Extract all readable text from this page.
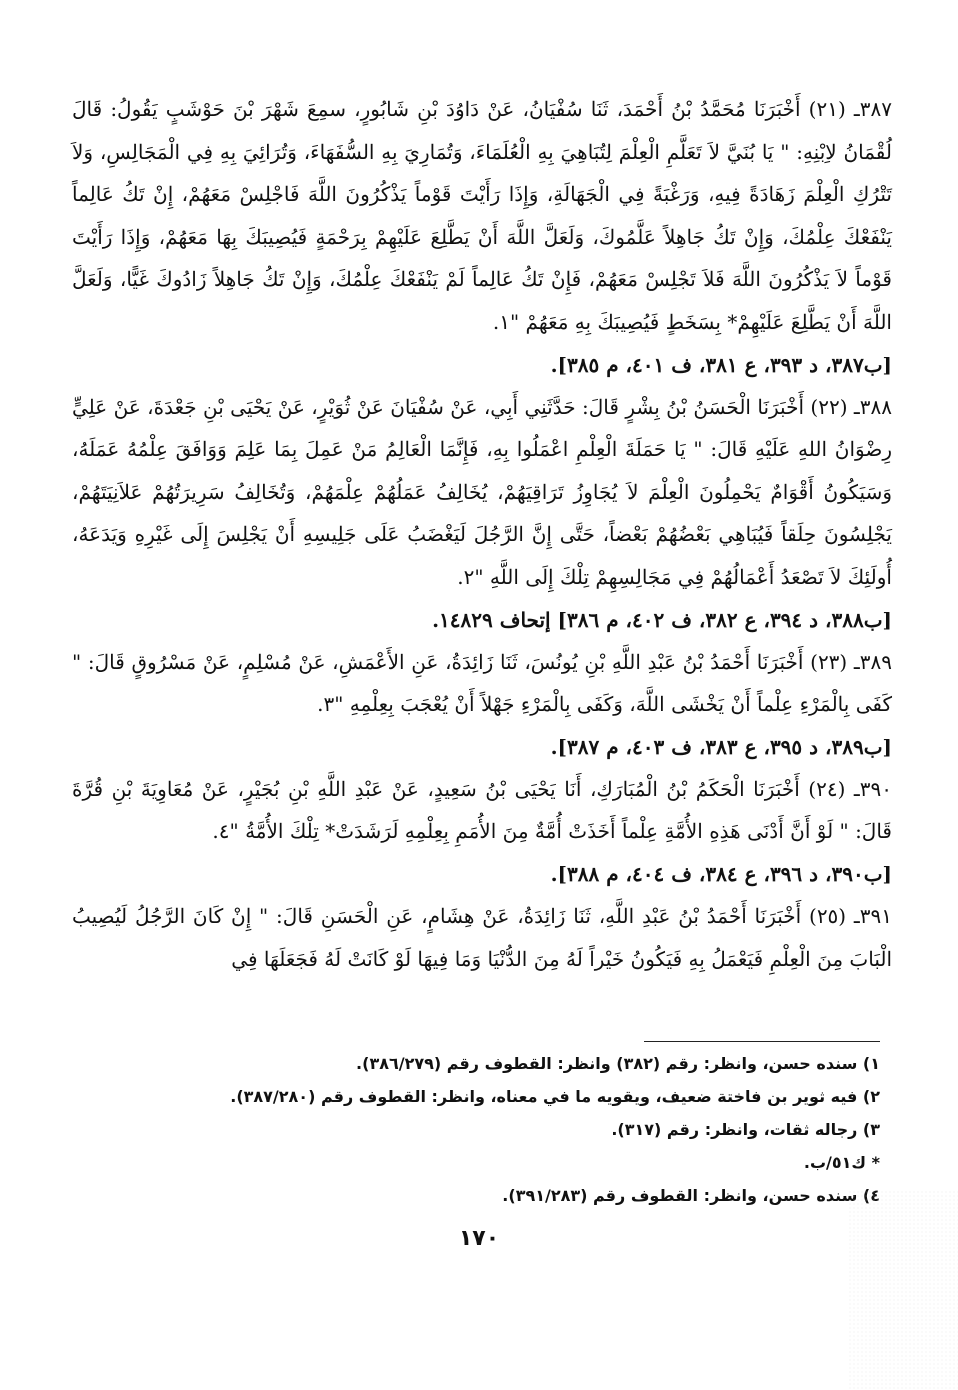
٣٨٧ـ (٢١) أَخْبَرَنَا مُحَمَّدُ بْنُ أَحْمَدَ، ثَنَا سُفْيَانُ، عَنْ دَاوُدَ بْنِ شَابُورٍ، سمِعَ شَهْرَ بْنَ حَوْشَبٍ يَقُولُ: قَالَ لُقْمَانُ لاِبْنِهِ: " يَا بُنَيَّ لاَ تَعَلَّمِ الْعِلْمَ لِتُبَاهِيَ بِهِ الْعُلَمَاءَ، وَتُمَارِيَ بِهِ السُّفَهَاءَ، وَتُرَائِيَ بِهِ فِي الْمَجَالِسِ، وَلاَ تَتْرُكِ الْعِلْمَ زَهَادَةً فِيهِ، وَرَغْبَةً فِي الْجَهَالَةِ، وَإِذَا رَأَيْتَ قَوْماً يَذْكُرُونَ اللَّهَ فَاجْلِسْ مَعَهُمْ، إِنْ تَكُ عَالِماً يَنْفَعْكَ عِلْمُكَ، وَإِنْ تَكُ جَاهِلاً عَلَّمُوكَ، وَلَعَلَّ اللَّهَ أَنْ يَطَّلِعَ عَلَيْهِمْ بِرَحْمَةٍ فَيُصِيبَكَ بِهَا مَعَهُمْ، وَإِذَا رَأَيْتَ قَوْماً لاَ يَذْكُرُونَ اللَّهَ فَلاَ تَجْلِسْ مَعَهُمْ، فَإِنْ تَكُ عَالِماً لَمْ يَنْفَعْكَ عِلْمُكَ، وَإِنْ تَكُ جَاهِلاً زَادُوكَ غَيًّا، وَلَعَلَّ اللَّهَ أَنْ يَطَّلِعَ عَلَيْهِمْ* بِسَخَطٍ فَيُصِيبَكَ بِهِ مَعَهُمْ "١.

[ب٣٨٧، د ٣٩٣، ع ٣٨١، ف ٤٠١، م ٣٨٥].

٣٨٨ـ (٢٢) أَخْبَرَنَا الْحَسَنُ بْنُ بِشْرٍ قَالَ: حَدَّثَنِي أَبِي، عَنْ سُفْيَانَ عَنْ ثُوَيْرٍ، عَنْ يَحْيَى بْنِ جَعْدَةَ، عَنْ عَلِيٍّ رِضْوَانُ اللهِ عَلَيْهِ قَالَ: " يَا حَمَلَةَ الْعِلْمِ اعْمَلُوا بِهِ، فَإِنَّمَا الْعَالِمُ مَنْ عَمِلَ بِمَا عَلِمَ وَوَافَقَ عِلْمُهُ عَمَلَهُ، وَسَيَكُونُ أَقْوَامٌ يَحْمِلُونَ الْعِلْمَ لاَ يُجَاوِزُ تَرَاقِيَهُمْ، يُخَالِفُ عَمَلُهُمْ عِلْمَهُمْ، وَتُخَالِفُ سَرِيرَتُهُمْ عَلاَنِيَتَهُمْ، يَجْلِسُونَ حِلَقاً فَيُبَاهِي بَعْضُهُمْ بَعْضاً، حَتَّى إِنَّ الرَّجُلَ لَيَغْضَبُ عَلَى جَلِيسِهِ أَنْ يَجْلِسَ إِلَى غَيْرِهِ وَيَدَعَهُ، أُولَئِكَ لاَ تَصْعَدُ أَعْمَالُهُمْ فِي مَجَالِسِهِمْ تِلْكَ إِلَى اللَّهِ "٢.

[ب٣٨٨، د ٣٩٤، ع ٣٨٢، ف ٤٠٢، م ٣٨٦] إتحاف ١٤٨٢٩.

٣٨٩ـ (٢٣) أَخْبَرَنَا أَحْمَدُ بْنُ عَبْدِ اللَّهِ بْنِ يُونُسَ، ثَنَا زَائِدَةُ، عَنِ الأَعْمَشِ، عَنْ مُسْلِمٍ، عَنْ مَسْرُوقٍ قَالَ: " كَفَى بِالْمَرْءِ عِلْماً أَنْ يَخْشَى اللَّهَ، وَكَفَى بِالْمَرْءِ جَهْلاً أَنْ يُعْجَبَ بِعِلْمِهِ "٣.

[ب٣٨٩، د ٣٩٥، ع ٣٨٣، ف ٤٠٣، م ٣٨٧].

٣٩٠ـ (٢٤) أَخْبَرَنَا الْحَكَمُ بْنُ الْمُبَارَكِ، أَنَا يَحْيَى بْنُ سَعِيدٍ، عَنْ عَبْدِ اللَّهِ بْنِ بُجَيْرٍ، عَنْ مُعَاوِيَةَ بْنِ قُرَّةَ قَالَ: " لَوْ أَنَّ أَدْنَى هَذِهِ الأُمَّةِ عِلْماً أَخَذَتْ أُمَّةٌ مِنَ الأُمَمِ بِعِلْمِهِ لَرَشَدَتْ* تِلْكَ الأُمَّةُ "٤.

[ب٣٩٠، د ٣٩٦، ع ٣٨٤، ف ٤٠٤، م ٣٨٨].

٣٩١ـ (٢٥) أَخْبَرَنَا أَحْمَدُ بْنُ عَبْدِ اللَّهِ، ثَنَا زَائِدَةُ، عَنْ هِشَامٍ، عَنِ الْحَسَنِ قَالَ: " إِنْ كَانَ الرَّجُلُ لَيُصِيبُ الْبَابَ مِنَ الْعِلْمِ فَيَعْمَلُ بِهِ فَيَكُونُ خَيْراً لَهُ مِنَ الدُّنْيَا وَمَا فِيهَا لَوْ كَانَتْ لَهُ فَجَعَلَهَا فِي

١) سنده حسن، وانظر: رقم (٣٨٢) وانظر: القطوف رقم (٣٨٦/٢٧٩).

٢) فيه ثوير بن فاختة ضعيف، ويقويه ما في معناه، وانظر: القطوف رقم (٣٨٧/٢٨٠).

٣) رجاله ثقات، وانظر: رقم (٣١٧).

* ك٥١/ب.

٤) سنده حسن، وانظر: القطوف رقم (٣٩١/٢٨٣).

١٧٠
